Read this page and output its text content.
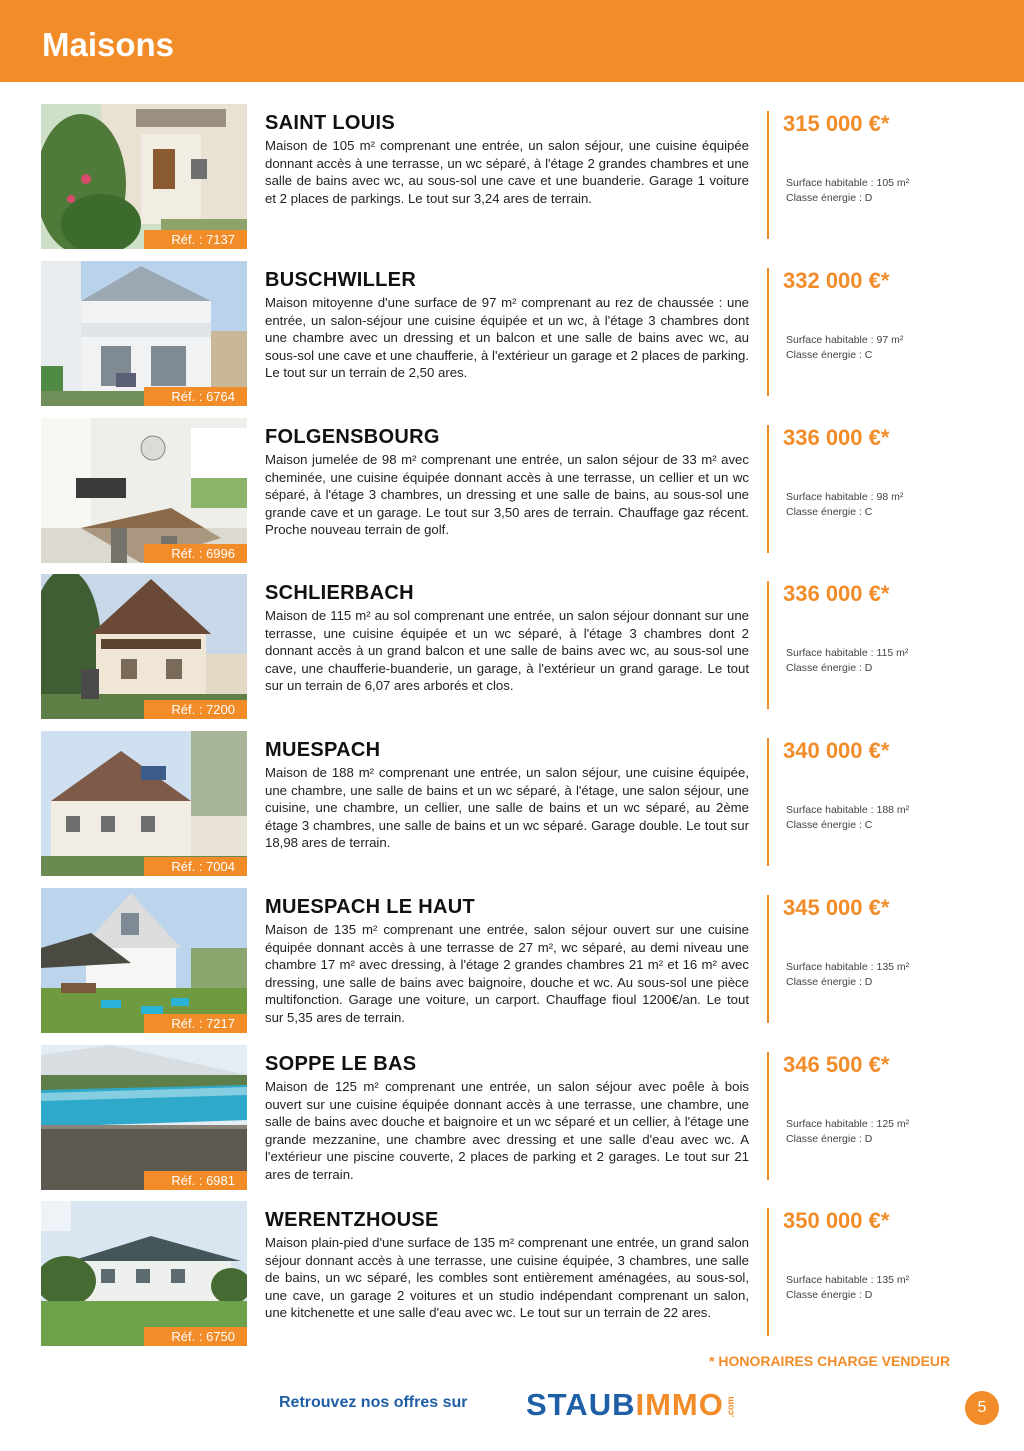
Maisons
Réf. : 7137
SAINT LOUIS
Maison de 105 m² comprenant une entrée, un salon séjour, une cuisine équipée donnant accès à une terrasse, un wc séparé, à l'étage 2 grandes chambres et une salle de bains avec wc, au sous-sol une cave et une buanderie. Garage 1 voiture et 2 places de parkings. Le tout sur 3,24 ares de terrain.
315 000 €*
Surface habitable : 105 m²
Classe énergie : D
Réf. : 6764
BUSCHWILLER
Maison mitoyenne d'une surface de 97 m² comprenant au rez de chaussée : une entrée, un salon-séjour une cuisine équipée et un wc, à l'étage 3 chambres dont une chambre avec un dressing et un balcon et une salle de bains avec wc, au sous-sol une cave et une chaufferie, à l'extérieur un garage et 2 places de parking. Le tout sur un terrain de 2,50 ares.
332 000 €*
Surface habitable : 97 m²
Classe énergie : C
Réf. : 6996
FOLGENSBOURG
Maison jumelée de 98 m² comprenant une entrée, un salon séjour de 33 m² avec cheminée, une cuisine équipée donnant accès à une terrasse, un cellier et un wc séparé, à l'étage 3 chambres, un dressing et une salle de bains, au sous-sol une grande cave et un garage. Le tout sur 3,50 ares de terrain. Chauffage gaz récent. Proche nouveau terrain de golf.
336 000 €*
Surface habitable : 98 m²
Classe énergie : C
Réf. : 7200
SCHLIERBACH
Maison de 115 m² au sol comprenant une entrée, un salon séjour donnant sur une terrasse, une cuisine équipée et un wc séparé, à l'étage 3 chambres dont 2 donnant accès à un grand balcon et une salle de bains avec wc, au sous-sol une cave, une chaufferie-buanderie, un garage, à l'extérieur un grand garage. Le tout sur un terrain de 6,07 ares arborés et clos.
336 000 €*
Surface habitable : 115 m²
Classe énergie : D
Réf. : 7004
MUESPACH
Maison de 188 m² comprenant une entrée, un salon séjour, une cuisine équipée, une chambre, une salle de bains et un wc séparé, à l'étage, une salon séjour, une cuisine, une chambre, un cellier, une salle de bains et un wc séparé, au 2ème étage 3 chambres, une salle de bains et un wc séparé. Garage double. Le tout sur 18,98 ares de terrain.
340 000 €*
Surface habitable : 188 m²
Classe énergie : C
Réf. : 7217
MUESPACH LE HAUT
Maison de 135 m² comprenant une entrée, salon séjour ouvert sur une cuisine équipée donnant accès à une terrasse de 27 m², wc séparé, au demi niveau une chambre 17 m² avec dressing, à l'étage 2 grandes chambres 21 m² et 16 m² avec dressing, une salle de bains avec baignoire, douche et wc. Au sous-sol une pièce multifonction. Garage une voiture, un carport. Chauffage fioul 1200€/an. Le tout sur 5,35 ares de terrain.
345 000 €*
Surface habitable : 135 m²
Classe énergie : D
Réf. : 6981
SOPPE LE BAS
Maison de 125 m² comprenant une entrée, un salon séjour avec poêle à bois ouvert sur une cuisine équipée donnant accès à une terrasse, une chambre, une salle de bains avec douche et baignoire et un wc séparé et un cellier, à l'étage une grande mezzanine, une chambre avec dressing et une salle d'eau avec wc. A l'extérieur une piscine couverte, 2 places de parking et 2 garages. Le tout sur 21 ares de terrain.
346 500 €*
Surface habitable : 125 m²
Classe énergie : D
Réf. : 6750
WERENTZHOUSE
Maison plain-pied d'une surface de 135 m² comprenant une entrée, un grand salon séjour donnant accès à une terrasse, une cuisine équipée, 3 chambres, une salle de bains, un wc séparé, les combles sont entièrement aménagées, au sous-sol, une cave, un garage 2 voitures et un studio indépendant comprenant un salon, une kitchenette et une salle d'eau avec wc. Le tout sur un terrain de 22 ares.
350 000 €*
Surface habitable : 135 m²
Classe énergie : D
* HONORAIRES CHARGE VENDEUR
Retrouvez nos offres sur STAUBIMMO .com	5
